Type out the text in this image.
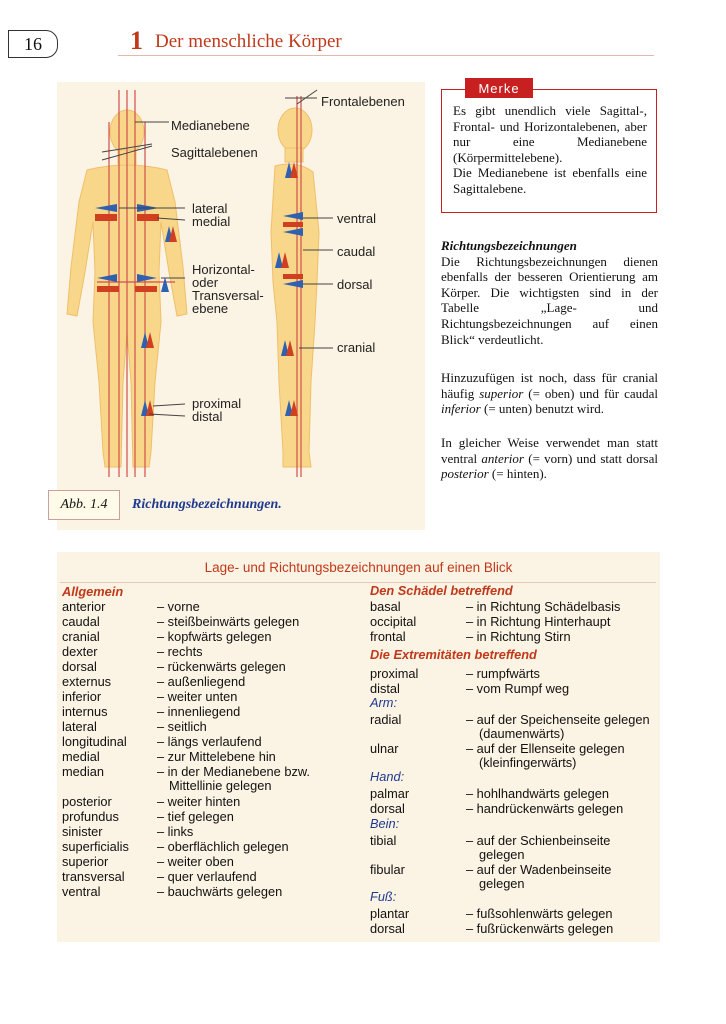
16	1 Der menschliche Körper
Medianebene
Sagittalebenen
lateral
medial
Horizontal-
oder
Transversal-
ebene
proximal
distal
Frontalebenen
ventral
caudal
dorsal
cranial
Abb. 1.4	Richtungsbezeichnungen.
Merke
Es gibt unendlich viele Sagittal-, Frontal- und Horizontalebenen, aber nur eine Medianebene (Körpermittelebene).
Die Medianebene ist ebenfalls eine Sagittalebene.
Richtungsbezeichnungen

Die Richtungsbezeichnungen dienen ebenfalls der besseren Orientierung am Körper. Die wichtigsten sind in der Tabelle „Lage- und Richtungsbezeichnungen auf einen Blick“ verdeutlicht.

Hinzuzufügen ist noch, dass für cranial häufig superior (= oben) und für caudal inferior (= unten) benutzt wird.
In gleicher Weise verwendet man statt ventral anterior (= vorn) und statt dorsal posterior (= hinten).
Lage- und Richtungsbezeichnungen auf einen Blick
Allgemein
anterior	– vorne
caudal	– steißbeinwärts gelegen
cranial	– kopfwärts gelegen
dexter	– rechts
dorsal	– rückenwärts gelegen
externus	– außenliegend
inferior	– weiter unten
internus	– innenliegend
lateral	– seitlich
longitudinal – längs verlaufend
medial	– zur Mittelebene hin
median	– in der Medianebene bzw.
Mittellinie gelegen
posterior	– weiter hinten
profundus	– tief gelegen
sinister	– links
superficialis – oberflächlich gelegen
superior	– weiter oben
transversal	– quer verlaufend
ventral	– bauchwärts gelegen
Den Schädel betreffend
basal	– in Richtung Schädelbasis
occipital	– in Richtung Hinterhaupt
frontal	– in Richtung Stirn
Die Extremitäten betreffend
proximal	– rumpfwärts
distal	– vom Rumpf weg
Arm:
radial	– auf der Speichenseite gelegen
(daumenwärts)
ulnar	– auf der Ellenseite gelegen
(kleinfingerwärts)
Hand:
palmar	– hohlhandwärts gelegen
dorsal	– handrückenwärts gelegen
Bein:
tibial	– auf der Schienbeinseite
gelegen
fibular	– auf der Wadenbeinseite
gelegen
Fuß:
plantar	– fußsohlenwärts gelegen
dorsal	– fußrückenwärts gelegen
